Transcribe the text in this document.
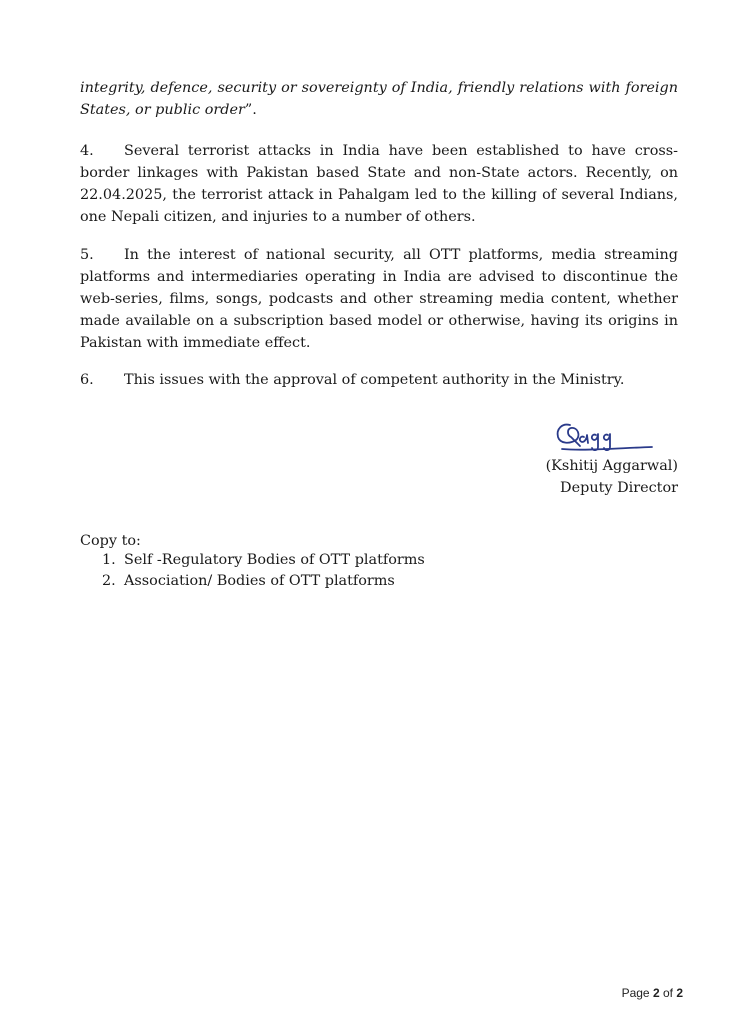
integrity, defence, security or sovereignty of India, friendly relations with foreign States, or public order”.
4. Several terrorist attacks in India have been established to have cross-border linkages with Pakistan based State and non-State actors. Recently, on 22.04.2025, the terrorist attack in Pahalgam led to the killing of several Indians, one Nepali citizen, and injuries to a number of others.
5. In the interest of national security, all OTT platforms, media streaming platforms and intermediaries operating in India are advised to discontinue the web-series, films, songs, podcasts and other streaming media content, whether made available on a subscription based model or otherwise, having its origins in Pakistan with immediate effect.
6. This issues with the approval of competent authority in the Ministry.
(Kshitij Aggarwal)
Deputy Director
Copy to:
1. Self -Regulatory Bodies of OTT platforms
2. Association/ Bodies of OTT platforms
Page 2 of 2
